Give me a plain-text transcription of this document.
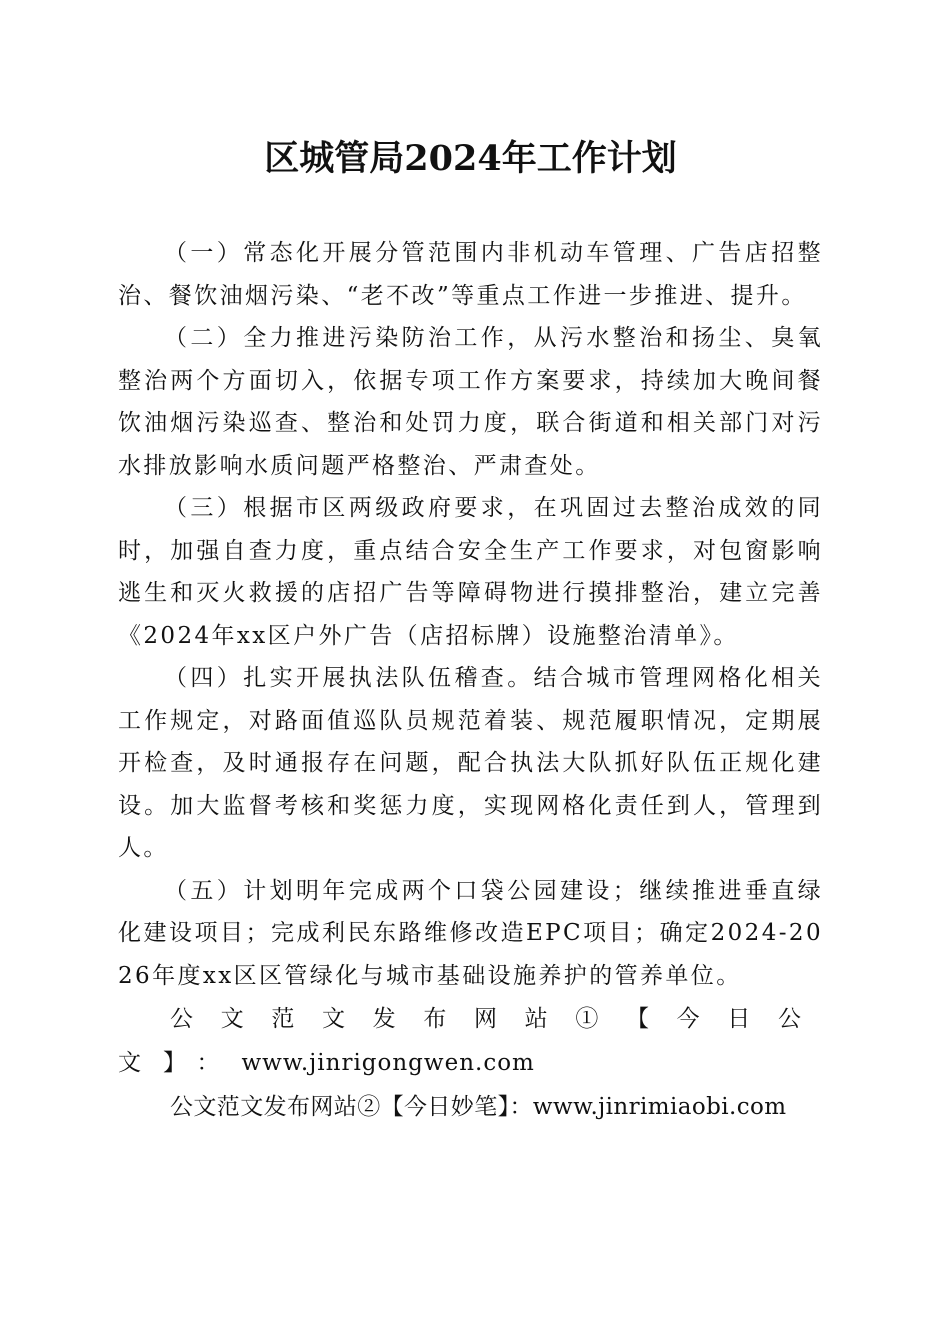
区城管局2024年工作计划

（一）常态化开展分管范围内非机动车管理、广告店招整治、餐饮油烟污染、“老不改”等重点工作进一步推进、提升。

（二）全力推进污染防治工作，从污水整治和扬尘、臭氧整治两个方面切入，依据专项工作方案要求，持续加大晚间餐饮油烟污染巡查、整治和处罚力度，联合街道和相关部门对污水排放影响水质问题严格整治、严肃查处。

（三）根据市区两级政府要求，在巩固过去整治成效的同时，加强自查力度，重点结合安全生产工作要求，对包窗影响逃生和灭火救援的店招广告等障碍物进行摸排整治，建立完善《2024年xx区户外广告（店招标牌）设施整治清单》。

（四）扎实开展执法队伍稽查。结合城市管理网格化相关工作规定，对路面值巡队员规范着装、规范履职情况，定期展开检查，及时通报存在问题，配合执法大队抓好队伍正规化建设。加大监督考核和奖惩力度，实现网格化责任到人，管理到人。

（五）计划明年完成两个口袋公园建设；继续推进垂直绿化建设项目；完成利民东路维修改造EPC项目；确定2024-2026年度xx区区管绿化与城市基础设施养护的管养单位。

公文范文发布网站①【今日公文】：www.jinrigongwen.com

公文范文发布网站②【今日妙笔】：www.jinrimiaobi.com
